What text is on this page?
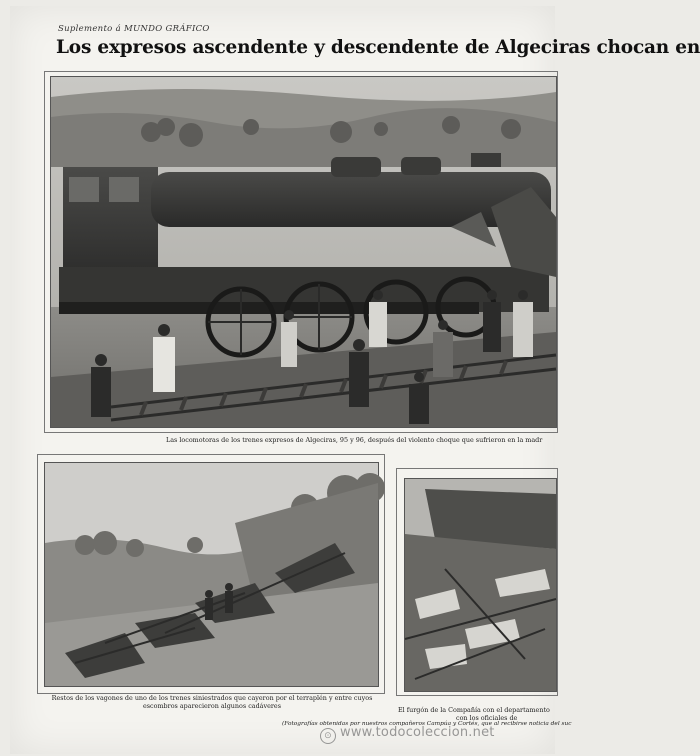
Suplemento á MUNDO GRÁFICO
Los expresos ascendente y descendente de Algeciras chocan en
Las locomotoras de los trenes expresos de Algeciras, 95 y 96, después del violento choque que sufrieron en la madr
Restos de los vagones de uno de los trenes siniestrados que cayeron por el terraplén y entre cuyos
escombros aparecieron algunos cadáveres	El furgón de la Compañía con el departamento
con los oficiales de
(Fotografías obtenidas por nuestros compañeros Campúa y Cortés, que al recibirse noticia del suc
⊙ www.todocoleccion.net
